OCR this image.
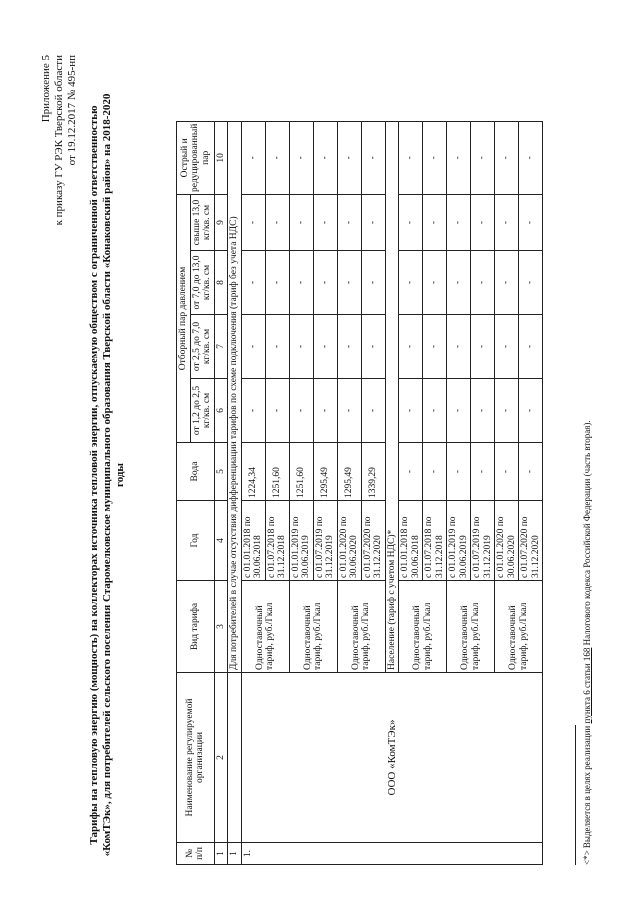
Приложение 5 к приказу ГУ РЭК Тверской области от 19.12.2017 № 495-нп Тарифы на тепловую энергию (мощность) на коллекторах источника тепловой энергии, отпускаемую обществом с ограниченной ответственностью «КомТЭк», для потребителей сельского поселения Старомелковское муниципального образования Тверской области «Конаковский район» на 2018-2020 годы
№ п/п	Наименование регулируемой организации	Вид тарифа	Год	Вода	Отборный пар давлением				Острый и редуцированный пар
					от 1,2 до 2,5 кг/кв. см	от 2,5 до 7,0 кг/кв. см	от 7,0 до 13,0 кг/кв. см	свыше 13,0 кг/кв. см	
1	2	3	4	5	6	7	8	9	10
1		Для потребителей в случае отсутствия дифференциации тарифов по схеме подключения (тариф без учета НДС)							
1.	ООО «КомТЭк»	Одноставочный тариф, руб./Гкал	с 01.01.2018 по 30.06.2018	1224,34	-	-	-	-	-
			с 01.07.2018 по 31.12.2018	1251,60	-	-	-	-	-
		Одноставочный тариф, руб./Гкал	с 01.01.2019 по 30.06.2019	1251,60	-	-	-	-	-
			с 01.07.2019 по 31.12.2019	1295,49	-	-	-	-	-
		Одноставочный тариф, руб./Гкал	с 01.01.2020 по 30.06.2020	1295,49	-	-	-	-	-
			с 01.07.2020 по 31.12.2020	1339,29	-	-	-	-	-
		Население (тариф с учетом НДС)*							
		Одноставочный тариф, руб./Гкал	с 01.01.2018 по 30.06.2018	-	-	-	-	-	-
			с 01.07.2018 по 31.12.2018	-	-	-	-	-	-
		Одноставочный тариф, руб./Гкал	с 01.01.2019 по 30.06.2019	-	-	-	-	-	-
			с 01.07.2019 по 31.12.2019	-	-	-	-	-	-
		Одноставочный тариф, руб./Гкал	с 01.01.2020 по 30.06.2020	-	-	-	-	-	-
			с 01.07.2020 по 31.12.2020	-	-	-	-	-	-
<*> Выделяется в целях реализации пункта 6 статьи 168 Налогового кодекса Российской Федерации (часть вторая).
